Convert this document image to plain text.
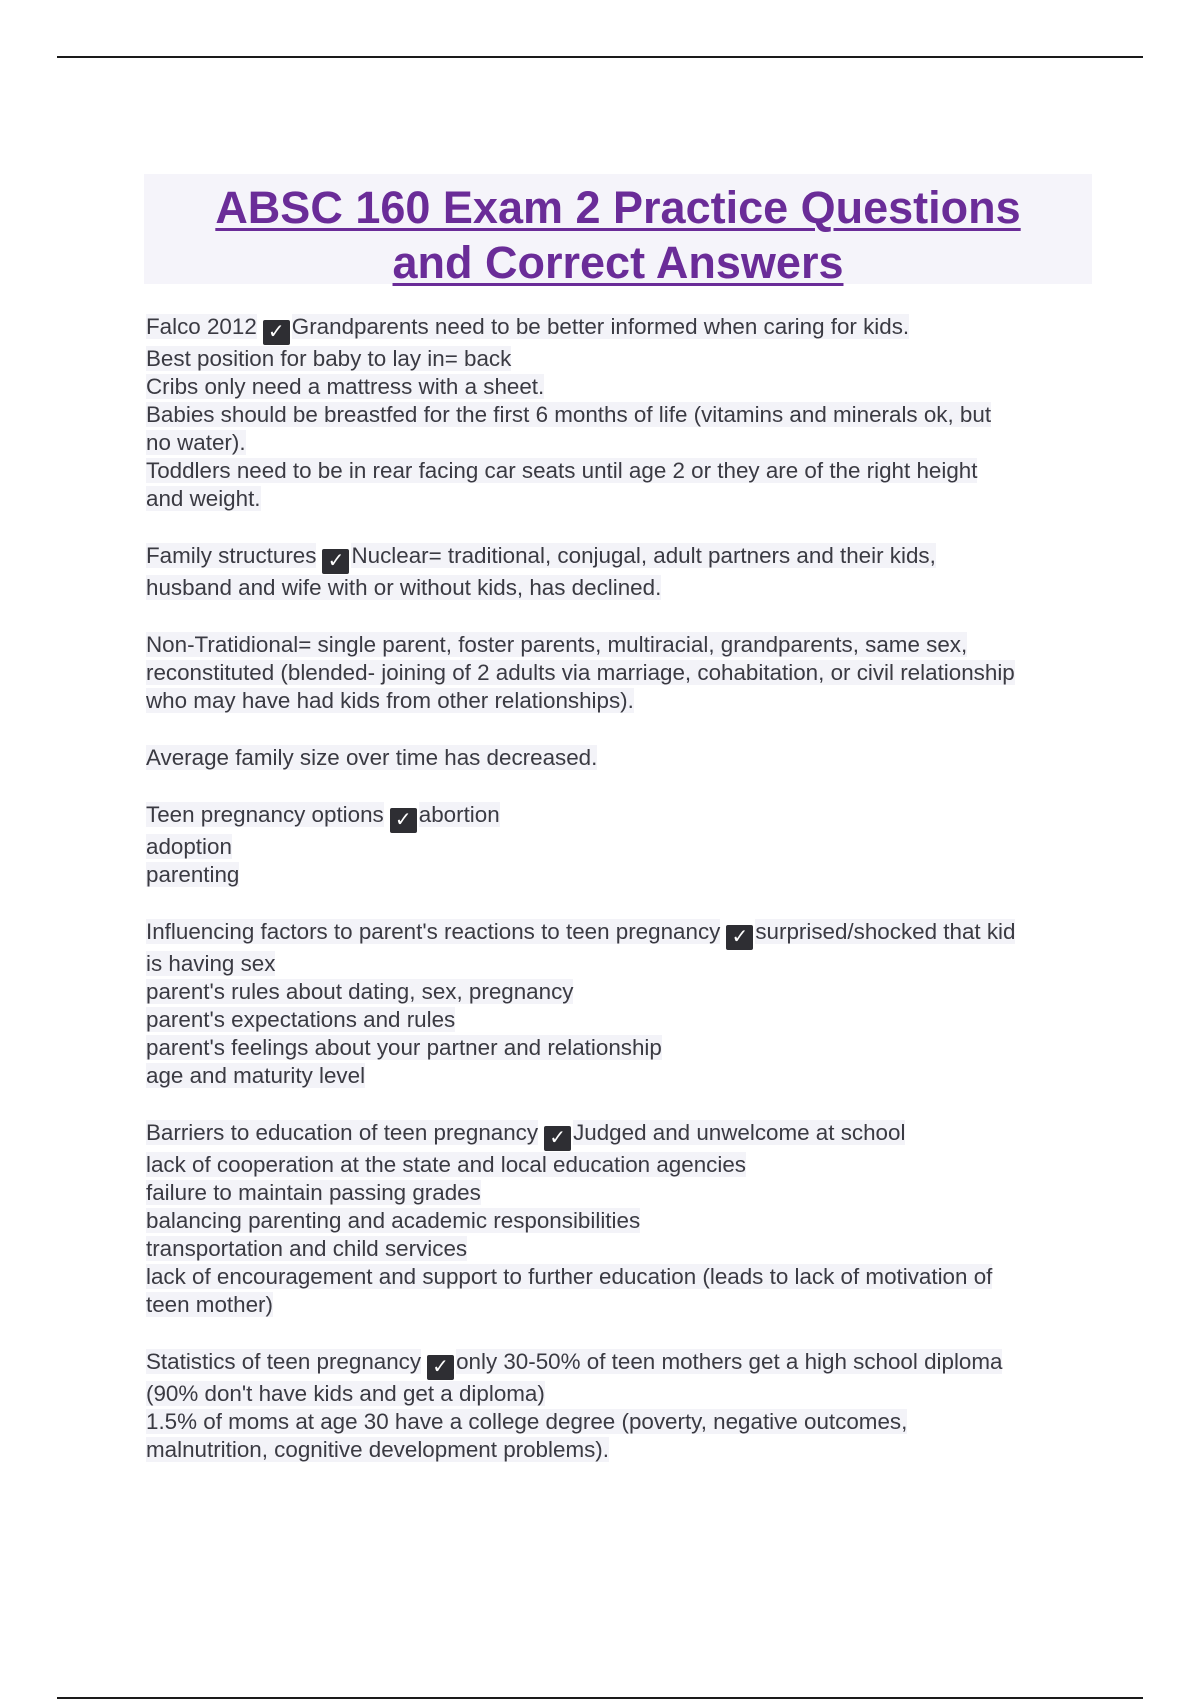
ABSC 160 Exam 2 Practice Questions
and Correct Answers
Falco 2012 ✓ Grandparents need to be better informed when caring for kids.
Best position for baby to lay in= back
Cribs only need a mattress with a sheet.
Babies should be breastfed for the first 6 months of life (vitamins and minerals ok, but
no water).
Toddlers need to be in rear facing car seats until age 2 or they are of the right height
and weight.
Family structures ✓ Nuclear= traditional, conjugal, adult partners and their kids,
husband and wife with or without kids, has declined.
Non-Tratidional= single parent, foster parents, multiracial, grandparents, same sex,
reconstituted (blended- joining of 2 adults via marriage, cohabitation, or civil relationship
who may have had kids from other relationships).
Average family size over time has decreased.
Teen pregnancy options ✓ abortion
adoption
parenting
Influencing factors to parent's reactions to teen pregnancy ✓ surprised/shocked that kid
is having sex
parent's rules about dating, sex, pregnancy
parent's expectations and rules
parent's feelings about your partner and relationship
age and maturity level
Barriers to education of teen pregnancy ✓ Judged and unwelcome at school
lack of cooperation at the state and local education agencies
failure to maintain passing grades
balancing parenting and academic responsibilities
transportation and child services
lack of encouragement and support to further education (leads to lack of motivation of
teen mother)
Statistics of teen pregnancy ✓ only 30-50% of teen mothers get a high school diploma
(90% don't have kids and get a diploma)
1.5% of moms at age 30 have a college degree (poverty, negative outcomes,
malnutrition, cognitive development problems).
